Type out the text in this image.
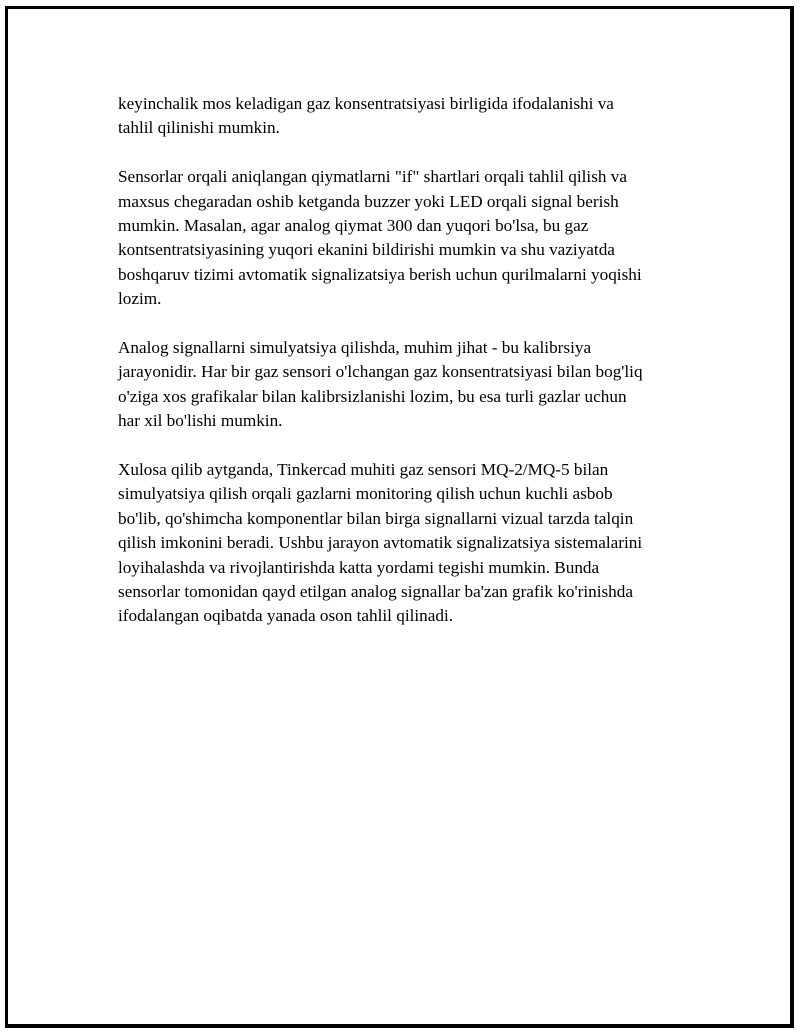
keyinchalik mos keladigan gaz konsentratsiyasi birligida ifodalanishi va
tahlil qilinishi mumkin.

Sensorlar orqali aniqlangan qiymatlarni "if" shartlari orqali tahlil qilish va
maxsus chegaradan oshib ketganda buzzer yoki LED orqali signal berish
mumkin. Masalan, agar analog qiymat 300 dan yuqori bo'lsa, bu gaz
kontsentratsiyasining yuqori ekanini bildirishi mumkin va shu vaziyatda
boshqaruv tizimi avtomatik signalizatsiya berish uchun qurilmalarni yoqishi
lozim.

Analog signallarni simulyatsiya qilishda, muhim jihat - bu kalibrsiya
jarayonidir. Har bir gaz sensori o'lchangan gaz konsentratsiyasi bilan bog'liq
o'ziga xos grafikalar bilan kalibrsizlanishi lozim, bu esa turli gazlar uchun
har xil bo'lishi mumkin.

Xulosa qilib aytganda, Tinkercad muhiti gaz sensori MQ-2/MQ-5 bilan
simulyatsiya qilish orqali gazlarni monitoring qilish uchun kuchli asbob
bo'lib, qo'shimcha komponentlar bilan birga signallarni vizual tarzda talqin
qilish imkonini beradi. Ushbu jarayon avtomatik signalizatsiya sistemalarini
loyihalashda va rivojlantirishda katta yordami tegishi mumkin. Bunda
sensorlar tomonidan qayd etilgan analog signallar ba'zan grafik ko'rinishda
ifodalangan oqibatda yanada oson tahlil qilinadi.
